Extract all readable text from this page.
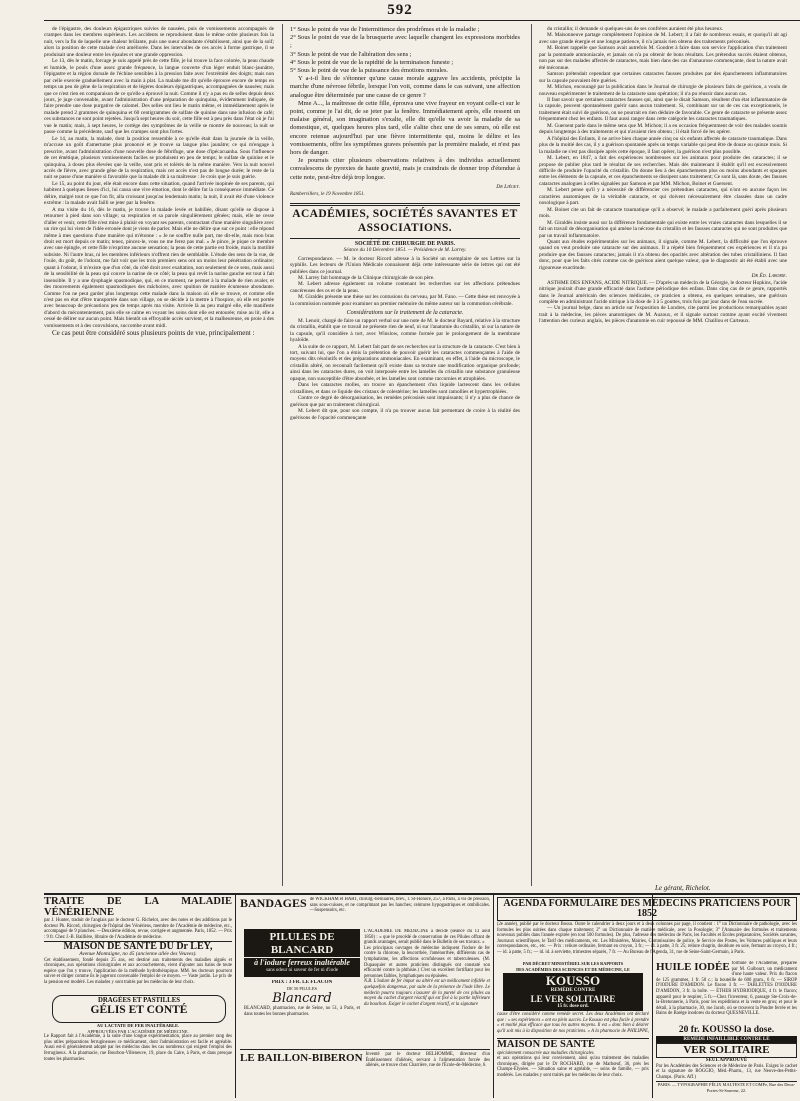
592

de l'épigastre, des douleurs épigastriques suivies de nausées, puis de vomissements accompagnés de crampes dans les membres supérieurs. Les accidents se reproduisent dans le même ordre plusieurs fois la nuit, vers la fin de laquelle une chaleur brûlante, puis une sueur abondante s'établissent, ainsi que de la soif; alors la position de cette malade s'est améliorée. Dans les intervalles de ces accès à forme gastrique, il se produisait une douleur entre les épaules et une grande oppression.

Le 13, dès le matin, forcage je suis appelé près de cette fille, je lui trouve la face colorée, la peau chaude et humide, le pouls d'une assez grande fréquence, la langue couverte d'un léger enduit blanc-jaunâtre, l'épigastre et la région dorsale de l'échine sensibles à la pression faite avec l'extrémité des doigts; mais non par celle exercée graduellement avec la main à plat. La malade me dit qu'elle éprouve encore de temps en temps un peu de gêne de la respiration et de légères douleurs épigastriques, accompagnées de nausées; mais que ce n'est rien en comparaison de ce qu'elle a éprouvé la nuit. Comme il n'y a pas eu de selles depuis deux jours, je juge convenable, avant l'administration d'une préparation de quinquina, évidemment indiquée, de faire prendre une dose purgative de calomel. Des selles ont lieu le matin même, et immédiatement après le malade prend 2 grammes de quinquina et 60 centigrammes de sulfate de quinine dans une infusion de café; ces substances ne sont point rejetées. Jusqu'à sept heures du soir, cette fille est à peu près dans l'état où je l'ai vue le matin; mais, à sept heures, le cortège des symptômes de la veille se montre de nouveau; la nuit se passe comme la précédente, sauf que les crampes sont plus fortes.

Le 14, au matin, la malade, dont la position ressemble à ce qu'elle était dans la journée de la veille, m'accuse un goût d'amertume plus prononcé et je trouve sa langue plus jaunâtre; ce qui m'engage à prescrire, avant l'administration d'une nouvelle dose de fébrifuge, une dose d'ipécacuanha. Sous l'influence de cet émétique, plusieurs vomissements faciles se produisent en peu de temps; le sulfate de quinine et le quinquina, à doses plus élevées que la veille, sont pris et tolérés de la même manière. Vers la nuit nouvel accès de fièvre, avec grande gêne de la respiration, mais cet accès n'est pas de longue durée; le reste de la nuit se passe d'une manière si favorable que la malade dit à sa maîtresse : Je crois que je suis guérie.

Le 15, au point du jour, elle était encore dans cette situation, quand l'arrivée inopinée de ses parents, qui habitent à quelques lieues d'ici, lui causa une vive émotion, dont le délire fut la conséquence immédiate. Ce délire, malgré tout ce que l'on fit, alla croissant jusqu'au lendemain matin; la nuit, il avait été d'une violence extrême : la malade avait failli se jeter par la fenêtre.

A ma visite du 16, dès le matin, je trouve la malade levée et habillée, disant qu'elle se dispose à retourner à pied dans son village; sa respiration et sa parole singulièrement gênées; mais, elle ne cesse d'aller et venir, cette fille n'est mise à plaisir en voyant ses parents, contractant d'une manière singulière avec un rire qui lui vient de l'idée erronée dont je viens de parler. Mais elle ne délire que sur ce point : elle répond même à mes questions d'une manière qui m'étonne : « Je ne souffre nulle part, me dit-elle, mais mon bras droit est mort depuis ce matin; tenez, pincez-le, vous ne me ferez pas mal. » Je pince, je pique ce membre avec une épingle, et cette fille n'exprime aucune sensation; la peau de cette partie est froide, mais la motilité subsiste. Ni l'autre bras, ni les membres inférieurs n'offrent rien de semblable. L'étude des sens de la vue, de l'ouïe, du goût, de l'odorat, me fait voir que les trois premiers sens ont un moins leur pénétration ordinaire; quant à l'odorat, il m'existe que d'un côté, du côté droit avec exaltation, non seulement de ce sens, mais aussi de la sensibilité de la peau qui couvre la narine de ce côté; la peau qui revêt la narine gauche est tout à fait insensible. Il y a une dysphagie spasmodique, qui, en ce moment, ne permet à la malade de rien avaler, et des mouvements également spasmodiques des mâchoires, avec spuition de matière écumeuse abondante. Comme l'on ne peut garder plus longtemps cette malade dans la maison où elle se trouve, et comme elle n'est pas en état d'être transportée dans son village, on se décide à la mettre à l'hospice, où elle est portée avec beaucoup de précautions peu de temps après ma visite. Arrivée là au peu malgré elle, elle manifeste d'abord du mécontentement, puis elle se calme en voyant les soins dont elle est entourée; mise au lit, elle a cessé de délirer sur aucun point. Mais bientôt un effroyable accès survient, et la malheureuse, en proie à des vomissements et à des convulsions, succombe avant midi.

Ce cas peut être considéré sous plusieurs points de vue, principalement :

1° Sous le point de vue de l'intermittence des prodrômes et de la maladie ;

2° Sous le point de vue de la brusquerie avec laquelle changent les expressions morbides ;

3° Sous le point de vue de l'altération des sens ;

4° Sous le point de vue de la rapidité de la terminaison funeste ;

5° Sous le point de vue de la puissance des émotions morales.

Y a-t-il lieu de s'étonner qu'une cause morale aggrave les accidents, précipite la marche d'une névrose fébrile, lorsque l'on voit, comme dans le cas suivant, une affection analogue être déterminée par une cause de ce genre ?

Mme A..., la maîtresse de cette fille, éprouva une vive frayeur en voyant celle-ci sur le point, comme je l'ai dit, de se jeter par la fenêtre. Immédiatement après, elle ressent un malaise général, son imagination s'exalte, elle dit qu'elle va avoir la maladie de sa domestique, et, quelques heures plus tard, elle s'alite chez une de ses sœurs, où elle est encore retenue aujourd'hui par une fièvre intermittente qui, moins le délire et les vomissements, offre les symptômes graves présentés par la première malade, et n'est pas hors de danger.

Je pourrais citer plusieurs observations relatives à des individus actuellement convalescens de pyrexies de haute gravité, mais je craindrais de donner trop d'étendue à cette note, peut-être déjà trop longue.

Dr Liégey.
Rambervillers, le 19 Novembre 1851.
ACADÉMIES, SOCIÉTÉS SAVANTES ET ASSOCIATIONS.
SOCIÉTÉ DE CHIRURGIE DE PARIS.
Séance du 10 Décembre 1851. — Présidence de M. Larrey.

Correspondance. — M. le docteur Ricord adresse à la Société un exemplaire de ses Lettres sur la syphilis. Les lecteurs de l'Union Médicale connaissent déjà cette intéressante série de lettres qui ont été publiées dans ce journal.

M. Larrey fait hommage de la Clinique chirurgicale de son père.

M. Lebert adresse également un volume contenant les recherches sur les affections prétendues cancéreuses des os et de la peau.

M. Giraldès présente une thèse sur les contusions du cerveau, par M. Fano. — Cette thèse est renvoyée à la commission nommée pour examiner un premier mémoire du même auteur sur la commotion cérébrale.

Considérations sur le traitement de la cataracte.

M. Lenoir, chargé de faire un rapport verbal sur une note de M. le docteur Bayard, relative à la structure du cristallin, établit que ce travail ne présente rien de neuf, ni sur l'anatomie du cristallin, ni sur la nature de la capsule, qu'il considère à tort, avec Winslow, comme formée par le prolongement de la membrane hyaloïde.

A la suite de ce rapport, M. Lebert fait part de ses recherches sur la structure de la cataracte. C'est bien à tort, suivant lui, que l'on a émis la prétention de pouvoir guérir les cataractes commençantes à l'aide de moyens dits résolutifs et des préparations ammoniacales. En examinant, en effet, à l'aide du microscope, le cristallin altéré, on reconnaît facilement qu'il existe dans sa texture une modification organique profonde; ainsi dans les cataractes dures, on voit interposée entre les lamelles du cristallin une substance granuleuse opaque, non susceptible d'être absorbée, et les lamelles sont comme raccornies et atrophiées.

Dans les cataractes molles, on trouve un épanchement d'un liquide lactescent dans les cellules cristallines, et dans ce liquide des cristaux de colestérine; les lamelles sont ramollies et hypertrophiées.

Contre ce degré de désorganisation, les remèdes précosisés sont impuissants; il n'y a plus de chance de guérison que par un traitement chirurgical.

M. Lebert dit que, pour son compte, il n'a pu trouver aucun fait permettant de croire à la réalité des guérisons de l'opacité commençante

du cristallin; il demande si quelques-uns de ses confrères auraient été plus heureux.

M. Maisonneuve partage complètement l'opinion de M. Lebert; il a fait de nombreux essais, et quoiqu'il ait agi avec une grande énergie et une longue patience, il n'a jamais rien obtenu des traitements préconisés.

M. Boinet rappelle que Samson avait autrefois M. Gondret à faire dans son service l'application d'un traitement par la pommade ammoniacale, et jamais on n'a pu obtenir de bons résultats. Les prétendus succès étaient obtenus, non pas sur des malades affectés de cataractes, mais bien dans des cas d'amaurose commençante, dont la nature avait été méconnue.

Samson prétendait cependant que certaines cataractes fausses produites par des épanchements inflammatoires sur la capsule pouvaient être guéries.

M. Michon, encouragé par la publication dans le Journal de chirurgie de plusieurs faits de guérison, a voulu de nouveau expérimenter le traitement de la cataracte sans opération; il n'a pu réussir dans aucun cas.

Il faut savoir que certaines cataractes fausses qui, ainsi que le disait Samson, résultent d'un état inflammatoire de la capsule, peuvent spontanément guérir sans aucun traitement. Si, combinant sur un de ces cas exceptionnels, le traitement était suivi de guérison, on ne pourrait en rien déduire de favorable. Ce genre de cataracte se présente assez fréquemment chez les enfants. Il faut aussi ranger dans cette catégorie les cataractes traumatiques.

M. Guersent parle dans le même sens que M. Michon; il a eu occasion fréquemment de voir des malades soumis depuis longtemps à des traitements et qui n'avaient rien obtenu ; il était forcé de les opérer.

A l'hôpital des Enfants, il ne arrive bien chaque année cinq ou six enfants affectés de cataracte traumatique. Dans plus de la moitié des cas, il y a guérison spontanée après un temps variable qui peut être de douze ou quinze mois. Si la maladie ne s'est pas dissipée après cette époque, il faut opérer, la guérison n'est plus possible.

M. Lebert, en 1847, a fait des expériences nombreuses sur les animaux pour produire des cataractes; il se propose de publier plus tard le résultat de ses recherches. Mais dès maintenant il établit qu'il est excessivement difficile de produire l'opacité du cristallin. On donne lieu à des épanchements plus ou moins abondants et opaques entre les éléments de la capsule, et ces épanchements se dissipent sans traitement; Ce sont là, sans doute, des fausses cataractes analogues à celles signalées par Samson et par MM. Michon, Boinet et Guersent.

M. Lebert pense qu'il y a nécessité de différencier ces prétendues cataractes, qui n'ont en aucune façon les caractères anatomiques de la véritable cataracte, et qui doivent nécessairement être classées dans un cadre nosologique à part.

M. Boinet cite un fait de cataracte traumatique qu'il a observé; le malade a parfaitement guéri après plusieurs mois.

M. Giraldès insiste aussi sur la différence fondamentale qui existe entre les vraies cataractes dans lesquelles il se fait un travail de désorganisation qui amène la nécrose du cristallin et les fausses cataractes qui ne sont produites que par un travail inflammatoire.

Quant aux études expérimentales sur les animaux, il signale, comme M. Lebert, la difficulté que l'on éprouve quand on veut produire une cataracte sur des animaux. Il a répété bien fréquemment ces expériences et il n'a pu produire que des fausses cataractes; jamais il n'a obtenu des opacités avec altération des tubes cristalliniens. Il faut donc, pour que les faits cités comme cas de guérison aient quelque valeur, que le diagnostic ait été établi avec une rigoureuse exactitude.

Dr Éd. Laborie.

ASTHME DES ENFANS, ACIDE NITRIQUE. — D'après un médecin de la Géorgie, le docteur Hopkins, l'acide nitrique jouirait d'une grande efficacité dans l'asthme périodique des enfans. Dans cinq cas de ce genre, rapportés dans le Journal américain des sciences médicales, ce praticien a obtenu, en quelques semaines, une guérison complète en administrant l'acide nitrique à la dose de 3 à 5 gouttes, trois fois par jour dans de l'eau sucrée.

— Un journal belge, dans un article sur l'exposition de Londres, cite parmi les productions remarquables ayant trait à la médecine, les pièces anatomiques de M. Auzoux, et il signale surtout comme ayant excité vivement l'attention des curieux anglais, les pièces d'anatomie en cuir repoussé de MM. Chaillou et Carteaux.

Le gérant, Richelot.
TRAITÉ DE LA MALADIE VÉNÉRIENNE
par J. Hunter, traduit de l'anglais par le docteur G. Richelot, avec des notes et des additions par le docteur Ph. Ricord, chirurgien de l'hôpital des Vénériens, membre de l'Académie de médecine, etc., accompagné de 9 planches. —Deuxième édition, revue, corrigée et augmentée. Paris, 1852. — Prix : 9 fr. Chez J.-B. Baillière, libraire de l'Académie de médecine.
MAISON DE SANTÉ DU Dr LEY,
Avenue Montaigne, no 45 (ancienne allée des Veuves).
Cet établissement, fondé depuis 25 ans, est destiné aux traitements des maladies aiguës et chroniques, aux opérations chirurgicales et aux accouchements, vient d'ajouter aux bains de toute espèce que l'on y trouve, l'application de la méthode hydrothérapique. MM. les docteurs pourront suivre et diriger comme ils le jugeront convenable l'emploi de ce moyen. — Vaste jardin. Le prix de la pension est modéré. Les malades y sont traités par les médecins de leur choix.
DRAGÉES ET PASTILLES
GÉLIS ET CONTÉ
AU LACTATE DE FER INALTÉRABLE.
APPROUVÉES PAR L'ACADÉMIE DE MÉDECINE.
Le Rapport fait à l'Académie, à la suite d'une longue expérimentation, place au premier rang des plus utiles préparations ferrugineuses ce médicament, dont l'administration est facile et agréable. Aussi est-il généralement adopté par les médecins dans les cas nombreux qui exigent l'emploi des ferrugineux. A la pharmacie, rue Bourbon-Villeneuve, 19, place du Caire, à Paris, et dans presque toutes les pharmacies.
BANDAGES de WICKHAM et HART, chirurg.-herniaires, brev., r. St-Honoré, 257, à Paris, à vis de pression, sans sous-cuisses, et ne comprimant pas les hanches; ceintures hypogastriques et ombilicales. —Suspensoirs, etc.
PILULES DE BLANCARD
à l'iodure ferreux inaltérable
sans odeur ni saveur de fer ni d'iode
L'ACADÉMIE DE MÉDECINE a décidé (séance du 13 août 1850) : « que le procédé de conservation de ces Pilules offrant de grands avantages, serait publié dans le Bulletin de ses travaux. »
Les principaux ouvrages de médecine indiquent l'iodure de fer contre la chlorose, la leucorrhée, l'aménorrhée, diffiérents cas de lymphatisme, les affections scrofuleuses et tuberculeuses. (M. Dupasquier et autres praticiens distingués ont constaté son efficacité contre la phthisie.) C'est un excellent fortifiant pour les personnes faibles, lymphatiques ou épuisées.
N.B. L'iodure de fer impur ou altéré est un médicament infidèle et quelquefois dangereux, par suite de la présence de l'iode libre. Le médecin pourra toujours s'assurer de la pureté de ces pilules au moyen du cachet d'argent réactif qui est fixé à la partie inférieure du bouchon. Exiger le cachet d'argent réactif, et la signature
PRIX : 3 FR. LE FLACON
DE 50 PILULES
Blancard
BLANCARD, pharmacien, rue de Seine, no 51, à Paris, et dans toutes les bonnes pharmacies.
LE BAILLON-BIBERON Inventé par le docteur BELHOMME, directeur d'un Établissement d'aliénés, servant à l'alimentation forcée des aliénés, se trouve chez Charrière, rue de l'École-de-Médecine, 6.
AGENDA FORMULAIRE DES MÉDECINS PRATICIENS POUR 1852
(2e année), publié par le docteur Bossu. Outre le calendrier à deux jours et à deux colonnes par page, il contient : 1° un Dictionnaire de pathologie, avec les formules les plus usitées dans chaque traitement; 2° un Dictionnaire de matière médicale, avec la Posologie; 3° l'Annuaire des formules et traitements nouveaux publiés dans l'année expirée (en tout 500 formules). De plus, l'adresse des médecins de Paris, les Facultés et Écoles préparatoires, Sociétés savantes, Journaux scientifiques, le Tarif des médicaments, etc. Les Ministères, Mairies, Commissaires de police, le Service des Postes, les Voitures publiques et leurs correspondances, etc., etc. — Prix : reliure ordinaire, fermant en croyon, 3 fr.; — id. à patte, 3 fr. 25; reliure chagrin, doublure en soie, fermant au croyon, 4 fr.; — id. à patte, 5 fr.; — id. id. à serviette, trimestres séparés, 7 fr. — Au Bureau de l'Agenda, 31, rue de Seine-Saint-Germain, à Paris.
PAR DÉCRET MINISTÉRIEL SUR LES RAPPORTS
DES ACADÉMIES DES SCIENCES ET DE MÉDECINE, LE
KOUSSO
REMÈDE CONTRE
LE VER SOLITAIRE
15 fr. dose ord.
cause d'être considéré comme remède secret. Les deux Académies ont déclaré que : « ses expériences » ont eu plein succès. Le Kousso est plus facile à prendre » et moitié plus efficace que tous les autres moyens. Il est » donc bien à désirer qu'il soit mis à la disposition de nos praticiens. » A la pharmacie de PHILIPPE,
MAISON DE SANTÉ
spécialement consacrée aux maladies chirurgicales
et aux opérations qui leur conviennent, ainsi qu'au traitement des maladies chroniques, dirigée par le Dr ROCHARD, rue de Marbœuf, 36, près les Champs-Élysées. — Situation saine et agréable, — soins de famille, — prix modérés. Les malades y sont traités par les médecins de leur choix.
HUILE IODÉE formule de l'Académie, préparée par M. Guibourt, un médicament d'une haute valeur. Prix du flacon de 125 grammes, 1 fr. 50 c.; la bouteille de 600 gram., 6 fr. — SIROP D'IODURE D'AMIDON. Le flacon 3 fr. — TABLETTES D'IODURE D'AMIDON, 3 fr. la boîte. — ÉTHER HYDRIODIQUE, 4 fr. le flacon; appareil pour le respirer, 5 fr.—Chez l'inventeur, 6, passage Ste-Croix-de-la-Bretonnerie, à Paris, pour les expéditions et la vente en gros; et pour le détail, à la pharmacie, 30, rue Jacob, où se trouvent la Poudre ferrée et les Bains de Barège inodores du docteur QUESNEVILLE.
20 fr. KOUSSO la dose.
REMÈDE INFAILLIBLE CONTRE LE
VER SOLITAIRE
SEUL APPROUVÉ
Par les Académies des Sciences et de Médecine de Paris. Exigez le cachet et la signature de BOGGIO, Méd.-Pharm., 13, rue Neuve-des-Petits-Champs. (Paris. Aff.)
PARIS. — TYPOGRAPHIE FÉLIX MALTESTE ET COMPe, Rue des Deux-Portes-St-Sauveur, 22.
